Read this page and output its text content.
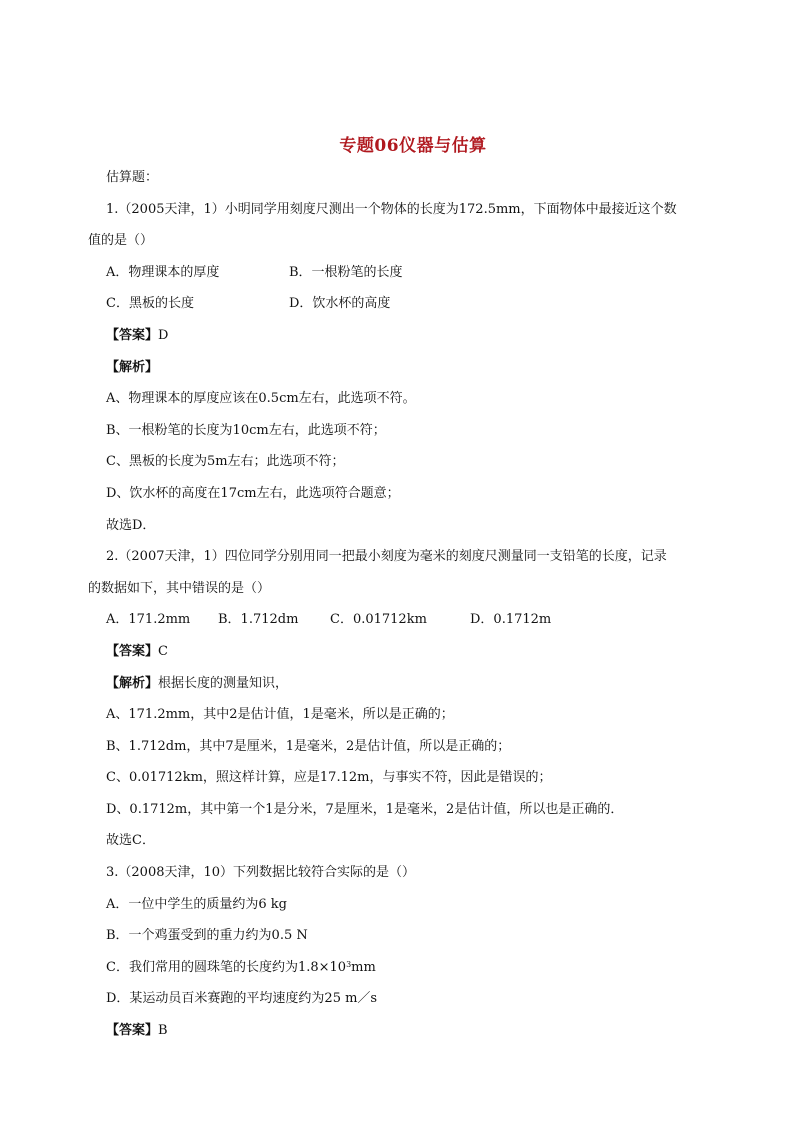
专题06仪器与估算
估算题：
1.（2005天津，1）小明同学用刻度尺测出一个物体的长度为172.5mm，下面物体中最接近这个数
值的是（）
A．物理课本的厚度	B．一根粉笔的长度
C．黑板的长度	D．饮水杯的高度
【答案】D
【解析】
A、物理课本的厚度应该在0.5cm左右，此选项不符。
B、一根粉笔的长度为10cm左右，此选项不符；
C、黑板的长度为5m左右；此选项不符；
D、饮水杯的高度在17cm左右，此选项符合题意；
故选D．
2.（2007天津，1）四位同学分别用同一把最小刻度为毫米的刻度尺测量同一支铅笔的长度，记录
的数据如下，其中错误的是（）
A．171.2mm	B．1.712dm	C．0.01712km	D．0.1712m
【答案】C
【解析】根据长度的测量知识，
A、171.2mm，其中2是估计值，1是毫米，所以是正确的；
B、1.712dm，其中7是厘米，1是毫米，2是估计值，所以是正确的；
C、0.01712km，照这样计算，应是17.12m，与事实不符，因此是错误的；
D、0.1712m，其中第一个1是分米，7是厘米，1是毫米，2是估计值，所以也是正确的．
故选C．
3.（2008天津，10）下列数据比较符合实际的是（）
A．一位中学生的质量约为6 kg
B．一个鸡蛋受到的重力约为0.5 N
C．我们常用的圆珠笔的长度约为$1.8\times 10^3mm$
D．某运动员百米赛跑的平均速度约为25 m／s
【答案】B
